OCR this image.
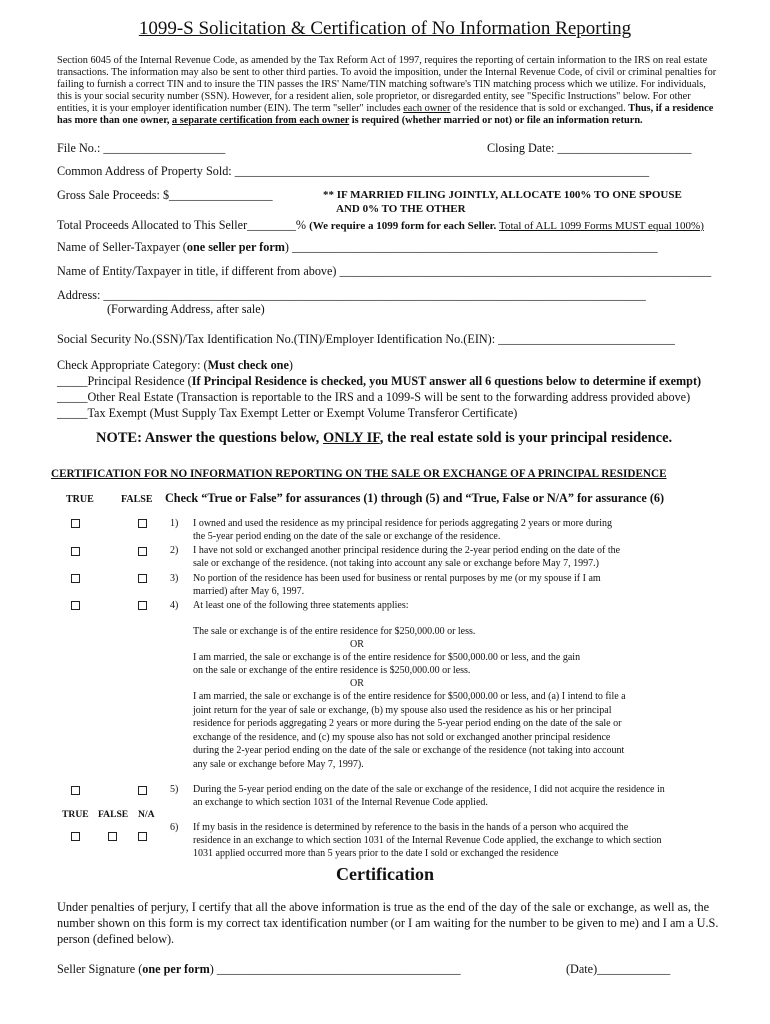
1099-S Solicitation & Certification of No Information Reporting
Section 6045 of the Internal Revenue Code, as amended by the Tax Reform Act of 1997, requires the reporting of certain information to the IRS on real estate transactions. The information may also be sent to other third parties. To avoid the imposition, under the Internal Revenue Code, of civil or criminal penalties for failing to furnish a correct TIN and to insure the TIN passes the IRS' Name/TIN matching software's TIN matching process which we utilize. For individuals, this is your social security number (SSN). However, for a resident alien, sole proprietor, or disregarded entity, see "Specific Instructions" below. For other entities, it is your employer identification number (EIN). The term "seller" includes each owner of the residence that is sold or exchanged. Thus, if a residence has more than one owner, a separate certification from each owner is required (whether married or not) or file an information return.
File No.: ____________________	Closing Date: ______________________
Common Address of Property Sold: ____________________________________________________________________
Gross Sale Proceeds: $_________________	** IF MARRIED FILING JOINTLY, ALLOCATE 100% TO ONE SPOUSE
AND 0% TO THE OTHER
Total Proceeds Allocated to This Seller________% (We require a 1099 form for each Seller. Total of ALL 1099 Forms MUST equal 100%)
Name of Seller-Taxpayer (one seller per form) ____________________________________________________________
Name of Entity/Taxpayer in title, if different from above) _____________________________________________________________
Address: _________________________________________________________________________________________
(Forwarding Address, after sale)
Social Security No.(SSN)/Tax Identification No.(TIN)/Employer Identification No.(EIN): _____________________________
Check Appropriate Category: (Must check one)
_____Principal Residence (If Principal Residence is checked, you MUST answer all 6 questions below to determine if exempt)
_____Other Real Estate (Transaction is reportable to the IRS and a 1099-S will be sent to the forwarding address provided above)
_____Tax Exempt (Must Supply Tax Exempt Letter or Exempt Volume Transferor Certificate)
NOTE: Answer the questions below, ONLY IF, the real estate sold is your principal residence.
CERTIFICATION FOR NO INFORMATION REPORTING ON THE SALE OR EXCHANGE OF A PRINCIPAL RESIDENCE
TRUE	FALSE Check “True or False” for assurances (1) through (5) and “True, False or N/A” for assurance (6)
1) I owned and used the residence as my principal residence for periods aggregating 2 years or more during
the 5-year period ending on the date of the sale or exchange of the residence.
2) I have not sold or exchanged another principal residence during the 2-year period ending on the date of the
sale or exchange of the residence. (not taking into account any sale or exchange before May 7, 1997.)
3) No portion of the residence has been used for business or rental purposes by me (or my spouse if I am
married) after May 6, 1997.
4) At least one of the following three statements applies:
The sale or exchange is of the entire residence for $250,000.00 or less.
OR
I am married, the sale or exchange is of the entire residence for $500,000.00 or less, and the gain
on the sale or exchange of the entire residence is $250,000.00 or less.
OR
I am married, the sale or exchange is of the entire residence for $500,000.00 or less, and (a) I intend to file a
joint return for the year of sale or exchange, (b) my spouse also used the residence as his or her principal
residence for periods aggregating 2 years or more during the 5-year period ending on the date of the sale or
exchange of the residence, and (c) my spouse also has not sold or exchanged another principal residence
during the 2-year period ending on the date of the sale or exchange of the residence (not taking into account
any sale or exchange before May 7, 1997).
5) During the 5-year period ending on the date of the sale or exchange of the residence, I did not acquire the residence in
an exchange to which section 1031 of the Internal Revenue Code applied.
TRUE FALSE N/A
6) If my basis in the residence is determined by reference to the basis in the hands of a person who acquired the
residence in an exchange to which section 1031 of the Internal Revenue Code applied, the exchange to which section
1031 applied occurred more than 5 years prior to the date I sold or exchanged the residence
Certification
Under penalties of perjury, I certify that all the above information is true as the end of the day of the sale or exchange, as well as, the number shown on this form is my correct tax identification number (or I am waiting for the number to be given to me) and I am a U.S. person (defined below).
Seller Signature (one per form) ________________________________________	(Date)____________
